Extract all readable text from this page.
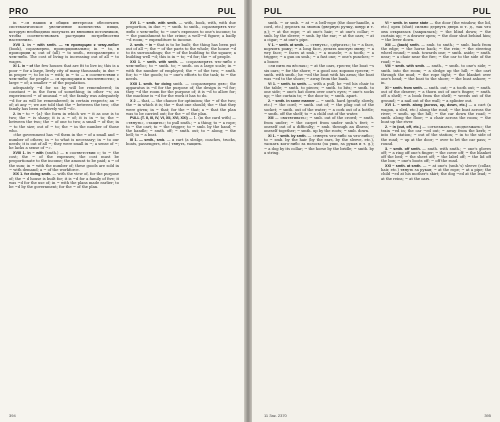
PRO	PUL

in ~.«в наших и общих интересах обеспечить систематическое увеличение количества пищи, которую необходимо получать из внешних источников, чтобы соответствовать растущим потребностям населения».

XVII 1. in ~ with smth. — «в пропорции к чему-либо» (book), соразмерно, пропорционально; in ~ to, в пропорции к; out of (all) ~ to smth., несоразмерно с чем-либо. The cost of living is increasing out of all ~ to wages.

XI 1. in ~ of the few houses that are fit to live in; this is a poor ~ for a large, lively city of many thousands; in due ~ in proper ~; to be in ~ with; in ~ to — в соответствии с чем-либо; for people — «в пропорции к численности»; a large ~ of; a smaller ~ of the population.

adequately ~d for us by will be remembered; in constant ~ in the form of something; in other ~s; an experienced ~ of unusual ~ of; the family was adequately ~d for as will be remembered; in certain respects; an ~ of; at any ~; we are told that the ~ between the two; «the family has been relatively well ~d».

2. in ~ to ~ {a} the form in which we ~ it as one is to two; the ~ is sharp; it is a ~ of; it is in ~ to; the ~ between the two; the ~ of one to two; a small ~ of the; in ~ to the size; out of ~ to; the ~ in the number of those who.

«the government has ~d them in the ~ of a small and ~ number of others; in ~ to what is necessary; in ~ to our needs; it is out of all ~; they were small in ~; a sense of ~; he lacks a sense of ~».

XVIII 1. in ~ with (smth.) — в соответствии с; to ~ the cost; the ~ of the expenses; the cost must be proportionate to the income; the amount to be paid; a ~ of the sum; in ~ with the number of; these goods are sold in ~ with demand; a ~ of the workforce.

XIX 1. for doing smth. — with the view of, for the purpose of; the ~ d house is built for; it is ~d for a family of five; it was ~d for the use of; in ~ with the plans made earlier; to be ~d by the government; for the ~ of the plan.

XVI 1. ~ smth. with smth. — with, book, with, with due proportion, in due ~; ~ smth. to smth., соразмерять что-либо с чем-либо; to ~ one's expenses to one's income; to ~ the punishment to the crime; a well-~d figure; a badly ~d room; ~ expenditure to income.

2. smth. ~ in ~ that is to be built; the thing has been put out of all ~; the ~ of the parts to the whole; the house ~d to its surroundings; the ~ of the building to the square; a building well ~d; this is in ~ to; ~d for; the ~ of people.

XXI 1. ~ smth. with smth. — «соразмерять что-либо с чем-либо»; to ~ smth. to; ~ smth. on a large scale; in ~ with the number of employed; the ~ of the two; ~ smth. for; to ~ the goods; to ~ one's efforts to the task; to ~ the needs.

XXII 1. smth. for doing smth. — «соразмерно для»; the apparatus is ~d for the purpose of; the design is ~d for; they ~d the room for the purpose of; it is ~d to allow for; the machine is ~d for the work it has to do.

X 2 — that, — the chance for optimism; the ~ of the two; the ~ in which it is; the ~ that one should; the ~ that they were given; in ~ that; for the ~ that; a ~ that the plan was to be carried out; for the ~ of the plan.

PULL (T. II, III, IV, VI, XII, XVI, XXI) — 1. (in the card with) — «тянуть», «тащить»; to pull smth.; ~ a thing; to ~ a rope; to ~ the cart; to ~ the trigger; to ~ smb. by the hand; ~ the handle; ~ smth. off; ~ smth. out; to ~ along; ~ the bell; to ~ a boat.

III 1. — smth., smb. — a cart (a sledge, coaches, trucks, boats, passengers, etc.) тянуть, тащить.

394
PUL	PUL

smth. ~ or smb. ~ at ~ a bell-rope (the door-handle, a cord, etc.) дергать за звонок (дверную ручку, шнур и т. д.); ~ at the rope; ~ at one's hair; ~ at one's collar; ~ smb. by the sleeve; ~ smb. by the ear; ~ at the oars; ~ at a cigar; ~ at one's pipe.

V 1. ~ smth. at smth. — «тянуть», «дёргать»; to ~ a face, корчить рожу; ~ a long face, делать кислую мину; ~ a wry face; ~ faces at smb.; ~ a muscle; ~ a tooth; ~ a trigger; ~ a gun on smb.; ~ a fast one; ~ one's punches; ~ a boner.

«ли пить на вёслах»; ~ at the oars, грести; the boat ~s six oars; ~ for the shore; ~ a good oar, хорошо грести; ~ smth. with smth.; he ~ed the boat with his arms; the boat was ~ed to the shore; ~ away from the bank.

VI 1. ~ smth. to smth. — with a pull; he ~ed his chair to the table; ~ smth. to pieces; ~ smth. to bits; ~ smth. to one side; ~ one's hat down over one's eyes; ~ one's socks up; ~ the curtain to; ~ the door to; ~ smth. apart.

2. ~ smth. in some manner — ~ smth. hard (gently, slowly, etc.) ~ the cord; ~ smth. out of; ~ the plug out of the socket; ~ smth. out of the water; ~ a cork out of a bottle; ~ smth. off the shelf; to ~ a child out of the water.

XIII — «вытягивать»; ~ smb. out of the crowd; ~ smth. from under; ~ the carpet from under smb.'s feet; ~ oneself out of a difficulty; ~ smb. through an illness; ~ oneself together; ~ smth. up by the roots; ~ smb. down.

XI 1. ~ smth. by smth. — «тянуть что-либо за что-либо»; to ~ smb. by the hair (by the ears, by the sleeve, etc.), таскать кого-либо за волосы (за уши, за рукав и т. д.); ~ a dog by its collar; ~ the horse by the bridle; ~ smth. by a string.

VI ~ smth. in some state — the door (the window, the lid, etc.) open (shut) сильно дернуть дверь и т. д., так что она открылась (закрылась); ~ the blind down; ~ the curtain up; ~ a drawer open; ~ the door shut behind him; ~ the lever down.

XIII — (back) smth. — smb. to smth.; ~ smb. back from the edge; ~ the horse back; ~ the rein; ~ the steering wheel round; ~ smb. towards one; ~ smth. aside; ~ smth. near; ~ a chair near the fire; ~ the car to the side of the road; ~ in.

VIII ~ smth. with smth. — smth., ~ smth. to one's side; ~ smth. into the room; ~ a sledge up the hill; ~ the cart through the mud; ~ the rope tight; ~ the blanket over one's head; ~ the boat to the shore; ~ the boat ashore; ~ in.

XI ~ smth. from smth. — smth. out; ~ a tooth out; ~ smth. out of the drawer; ~ a thorn out of one's finger; ~ smth. off a shelf; ~ a book from the shelf; ~ weeds out of the ground; ~ a nail out of the wall; ~ a splinter out.

XVI 1. ~ smth. along (across, up, down, etc.) — a cart (a wagon, a sled, etc.) along the road; ~ the boat across the river; ~ smth. up the hill; ~ the car down the road; ~ smth. along the floor; ~ a chair across the room; ~ the boat up the river.

2. ~ in (out, off, etc.) — «отъезжать», «подъезжать»; the train ~ed in; the car ~ed out; ~ away from the kerb; ~ into the station; ~ out of the station; ~ in to the side of the road; ~ up at the door; ~ over to let the car pass; ~ round.

3. ~ smth. off smth. — smth. with smth.; ~ one's gloves off; ~ a ring off one's finger; ~ the cover off; ~ the blanket off the bed; ~ the sheet off; ~ the label off; ~ the lid off the box; ~ one's boots off; ~ off the road.

XXI ~ smth. at smth. — ~ at one's (smb.'s) sleeve (collar, hair, etc.) тянуть за рукав; ~ at the rope; ~ at a pipe; the child ~ed at his mother's skirt; the dog ~ed at the lead; ~ at the reins; ~ at the oars.

11 Зак. 2370	395
